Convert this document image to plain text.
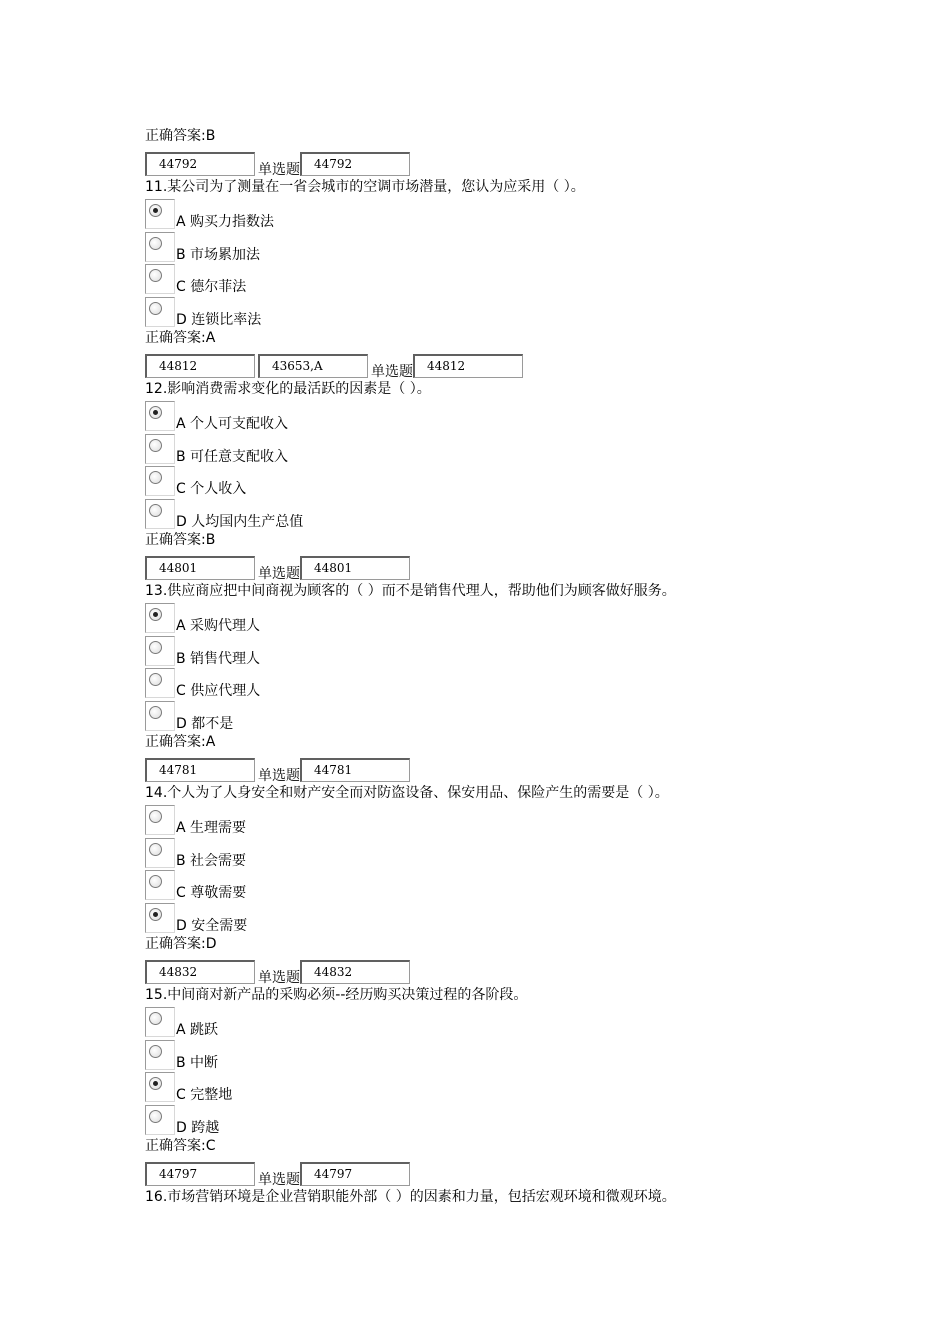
正确答案:B
44792	单选题	44792
11.某公司为了测量在一省会城市的空调市场潜量，您认为应采用（ ）。
A 购买力指数法
B 市场累加法
C 德尔菲法
D 连锁比率法
正确答案:A
44812	43653,A	单选题	44812
12.影响消费需求变化的最活跃的因素是（ ）。
A 个人可支配收入
B 可任意支配收入
C 个人收入
D 人均国内生产总值
正确答案:B
44801	单选题	44801
13.供应商应把中间商视为顾客的（ ）而不是销售代理人，帮助他们为顾客做好服务。
A 采购代理人
B 销售代理人
C 供应代理人
D 都不是
正确答案:A
44781	单选题	44781
14.个人为了人身安全和财产安全而对防盗设备、保安用品、保险产生的需要是（ ）。
A 生理需要
B 社会需要
C 尊敬需要
D 安全需要
正确答案:D
44832	单选题	44832
15.中间商对新产品的采购必须--经历购买决策过程的各阶段。
A 跳跃
B 中断
C 完整地
D 跨越
正确答案:C
44797	单选题	44797
16.市场营销环境是企业营销职能外部（ ）的因素和力量，包括宏观环境和微观环境。
